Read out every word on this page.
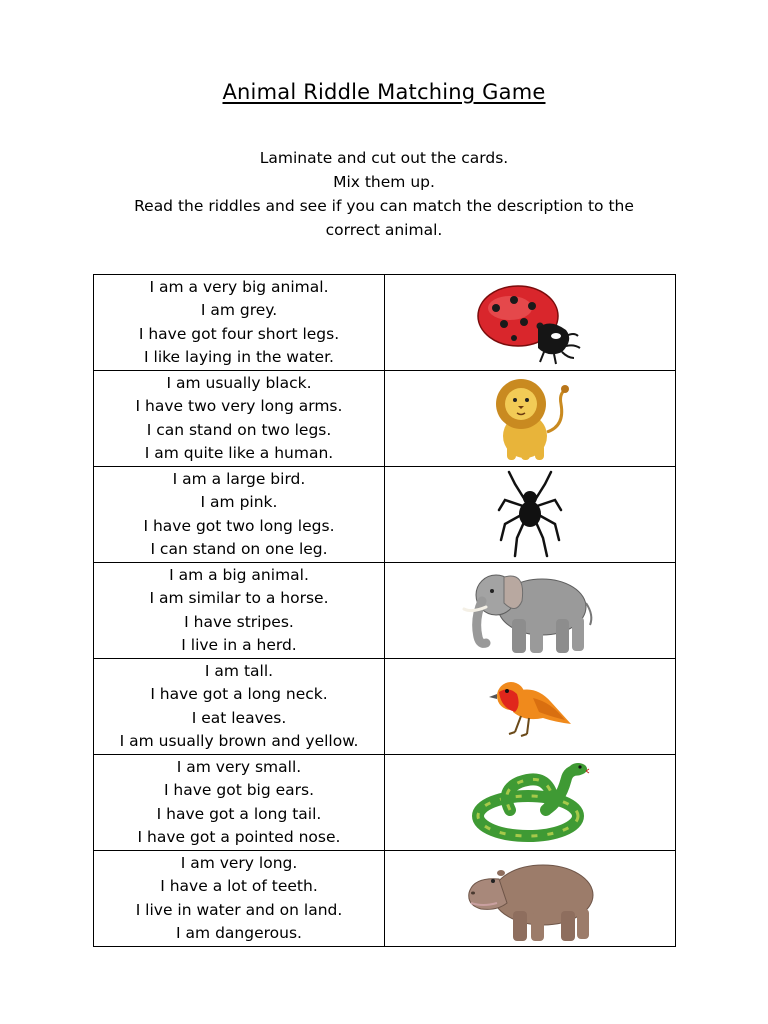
Animal Riddle Matching Game
Laminate and cut out the cards.
Mix them up.
Read the riddles and see if you can match the description to the
correct animal.
I am a very big animal.
I am grey.
I have got four short legs.
I like laying in the water.

I am usually black.
I have two very long arms.
I can stand on two legs.
I am quite like a human.

I am a large bird.
I am pink.
I have got two long legs.
I can stand on one leg.

I am a big animal.
I am similar to a horse.
I have stripes.
I live in a herd.

I am tall.
I have got a long neck.
I eat leaves.
I am usually brown and yellow.

I am very small.
I have got big ears.
I have got a long tail.
I have got a pointed nose.

I am very long.
I have a lot of teeth.
I live in water and on land.
I am dangerous.
